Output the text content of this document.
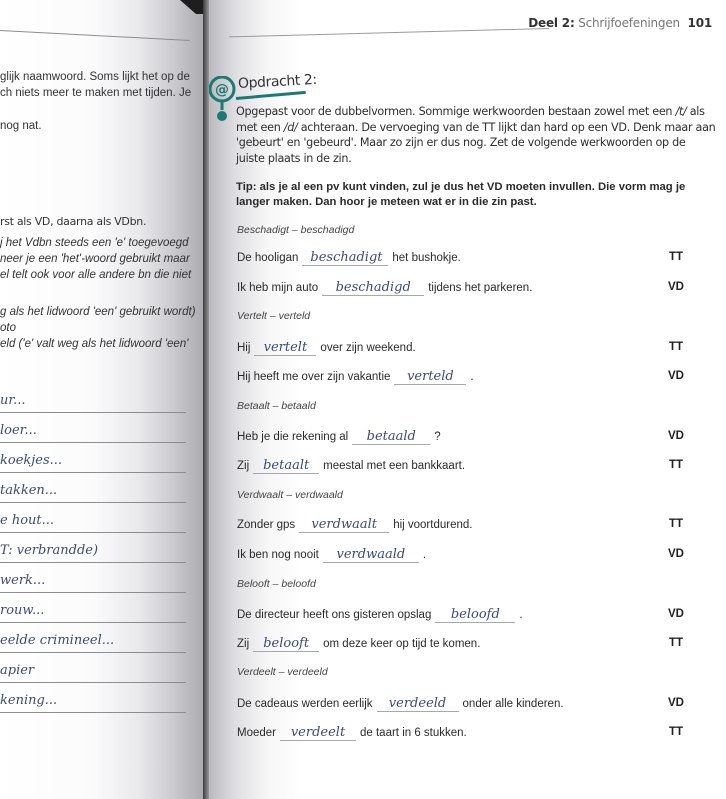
glijk naamwoord. Soms lijkt het op de
ch niets meer te maken met tijden. Je
nog nat.
rst als VD, daarna als VDbn.
j het Vdbn steeds een 'e' toegevoegd
neer je een 'het'-woord gebruikt maar
el telt ook voor alle andere bn die niet
g als het lidwoord 'een' gebruikt wordt)
oto
eld ('e' valt weg als het lidwoord 'een'
ur...
loer...
koekjes...
takken...
e hout...
T: verbrandde)
werk...
rouw...
eelde crimineel...
apier
kening...
Deel 2: Schrijfoefeningen 101
@ Opdracht 2:
Opgepast voor de dubbelvormen. Sommige werkwoorden bestaan zowel met een /t/ als met een /d/ achteraan. De vervoeging van de TT lijkt dan hard op een VD. Denk maar aan 'gebeurt' en 'gebeurd'. Maar zo zijn er dus nog. Zet de volgende werkwoorden op de juiste plaats in de zin.
Tip: als je al een pv kunt vinden, zul je dus het VD moeten invullen. Die vorm mag je langer maken. Dan hoor je meteen wat er in die zin past.
Beschadigt – beschadigd
De hooligan beschadigt het bushokje.	TT
Ik heb mijn auto	beschadigd	tijdens het parkeren.	VD
Vertelt – verteld
Hij	vertelt	over zijn weekend.	TT
Hij heeft me over zijn vakantie	verteld	.	VD
Betaalt – betaald
Heb je die rekening al	betaald	?	VD
Zij	betaalt	meestal met een bankkaart.	TT
Verdwaalt – verdwaald
Zonder gps	verdwaalt	hij voortdurend.	TT
Ik ben nog nooit	verdwaald	.	VD
Belooft – beloofd
De directeur heeft ons gisteren opslag	beloofd	.	VD
Zij	belooft	om deze keer op tijd te komen.	TT
Verdeelt – verdeeld
De cadeaus werden eerlijk	verdeeld	onder alle kinderen.	VD
Moeder	verdeelt	de taart in 6 stukken.	TT
